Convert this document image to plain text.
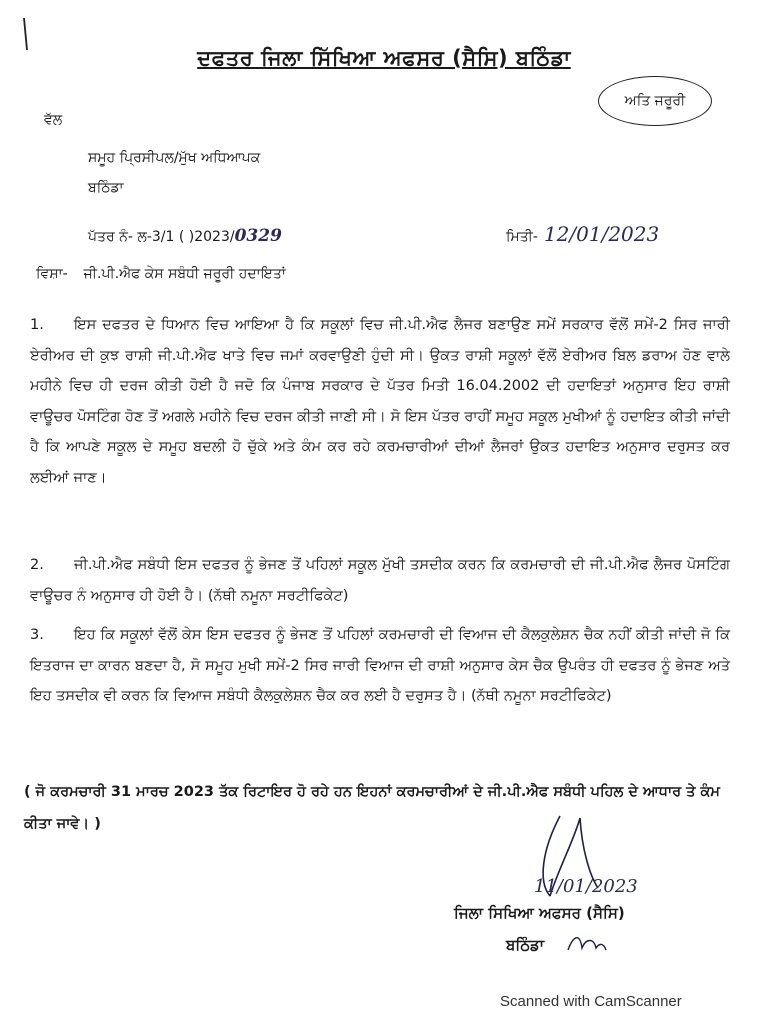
ਦਫਤਰ ਜਿਲਾ ਸਿੱਖਿਆ ਅਫਸਰ (ਸੈਸਿ) ਬਠਿੰਡਾ
ਅਤਿ ਜਰੂਰੀ
ਵੱਲ
ਸਮੂਹ ਪ੍ਰਿਸੀਪਲ/ਮੁੱਖ ਅਧਿਆਪਕ
ਬਠਿੰਡਾ
ਪੱਤਰ ਨੰ- ਲ-3/1 ( )2023/0329	ਮਿਤੀ- 12/01/2023
ਵਿਸ਼ਾ- ਜੀ.ਪੀ.ਐਫ ਕੇਸ ਸਬੰਧੀ ਜਰੂਰੀ ਹਦਾਇਤਾਂ
1. ਇਸ ਦਫਤਰ ਦੇ ਧਿਆਨ ਵਿਚ ਆਇਆ ਹੈ ਕਿ ਸਕੂਲਾਂ ਵਿਚ ਜੀ.ਪੀ.ਐਫ ਲੈਜਰ ਬਣਾਉਣ ਸਮੇਂ ਸਰਕਾਰ ਵੱਲੋਂ ਸਮੇਂ-2 ਸਿਰ ਜਾਰੀ ਏਰੀਅਰ ਦੀ ਕੁਝ ਰਾਸ਼ੀ ਜੀ.ਪੀ.ਐਫ ਖਾਤੇ ਵਿਚ ਜਮਾਂ ਕਰਵਾਉਣੀ ਹੁੰਦੀ ਸੀ। ਉਕਤ ਰਾਸ਼ੀ ਸਕੂਲਾਂ ਵੱਲੋਂ ਏਰੀਅਰ ਬਿਲ ਡਰਾਅ ਹੋਣ ਵਾਲੇ ਮਹੀਨੇ ਵਿਚ ਹੀ ਦਰਜ ਕੀਤੀ ਹੋਈ ਹੈ ਜਦੋ ਕਿ ਪੰਜਾਬ ਸਰਕਾਰ ਦੇ ਪੱਤਰ ਮਿਤੀ 16.04.2002 ਦੀ ਹਦਾਇਤਾਂ ਅਨੁਸਾਰ ਇਹ ਰਾਸ਼ੀ ਵਾਊਚਰ ਪੋਸਟਿੰਗ ਹੋਣ ਤੋਂ ਅਗਲੇ ਮਹੀਨੇ ਵਿਚ ਦਰਜ ਕੀਤੀ ਜਾਣੀ ਸੀ। ਸੋ ਇਸ ਪੱਤਰ ਰਾਹੀਂ ਸਮੂਹ ਸਕੂਲ ਮੁਖੀਆਂ ਨੂੰ ਹਦਾਇਤ ਕੀਤੀ ਜਾਂਦੀ ਹੈ ਕਿ ਆਪਣੇ ਸਕੂਲ ਦੇ ਸਮੂਹ ਬਦਲੀ ਹੋ ਚੁੱਕੇ ਅਤੇ ਕੰਮ ਕਰ ਰਹੇ ਕਰਮਚਾਰੀਆਂ ਦੀਆਂ ਲੈਜਰਾਂ ਉਕਤ ਹਦਾਇਤ ਅਨੁਸਾਰ ਦਰੁਸਤ ਕਰ ਲਈਆਂ ਜਾਣ।
2. ਜੀ.ਪੀ.ਐਫ ਸਬੰਧੀ ਇਸ ਦਫਤਰ ਨੂੰ ਭੇਜਣ ਤੋਂ ਪਹਿਲਾਂ ਸਕੂਲ ਮੁੱਖੀ ਤਸਦੀਕ ਕਰਨ ਕਿ ਕਰਮਚਾਰੀ ਦੀ ਜੀ.ਪੀ.ਐਫ ਲੈਜਰ ਪੋਸਟਿੰਗ ਵਾਊਚਰ ਨੰ ਅਨੁਸਾਰ ਹੀ ਹੋਈ ਹੈ। (ਨੱਥੀ ਨਮੂਨਾ ਸਰਟੀਫਿਕੇਟ)
3. ਇਹ ਕਿ ਸਕੂਲਾਂ ਵੱਲੋਂ ਕੇਸ ਇਸ ਦਫਤਰ ਨੂੰ ਭੇਜਣ ਤੋਂ ਪਹਿਲਾਂ ਕਰਮਚਾਰੀ ਦੀ ਵਿਆਜ ਦੀ ਕੈਲਕੁਲੇਸ਼ਨ ਚੈਕ ਨਹੀਂ ਕੀਤੀ ਜਾਂਦੀ ਜੋ ਕਿ ਇਤਰਾਜ ਦਾ ਕਾਰਨ ਬਣਦਾ ਹੈ, ਸੋ ਸਮੂਹ ਮੁਖੀ ਸਮੇਂ-2 ਸਿਰ ਜਾਰੀ ਵਿਆਜ ਦੀ ਰਾਸ਼ੀ ਅਨੁਸਾਰ ਕੇਸ ਚੈਕ ਉਪਰੰਤ ਹੀ ਦਫਤਰ ਨੂੰ ਭੇਜਣ ਅਤੇ ਇਹ ਤਸਦੀਕ ਵੀ ਕਰਨ ਕਿ ਵਿਆਜ ਸਬੰਧੀ ਕੈਲਕੁਲੇਸ਼ਨ ਚੈਕ ਕਰ ਲਈ ਹੈ ਦਰੁਸਤ ਹੈ। (ਨੱਥੀ ਨਮੂਨਾ ਸਰਟੀਫਿਕੇਟ)
( ਜੋ ਕਰਮਚਾਰੀ 31 ਮਾਰਚ 2023 ਤੱਕ ਰਿਟਾਇਰ ਹੋ ਰਹੇ ਹਨ ਇਹਨਾਂ ਕਰਮਚਾਰੀਆਂ ਦੇ ਜੀ.ਪੀ.ਐਫ ਸਬੰਧੀ ਪਹਿਲ ਦੇ ਆਧਾਰ ਤੇ ਕੰਮ ਕੀਤਾ ਜਾਵੇ। )
11/01/2023
ਜਿਲਾ ਸਿਖਿਆ ਅਫਸਰ (ਸੈਸਿ)
ਬਠਿੰਡਾ
Scanned with CamScanner
